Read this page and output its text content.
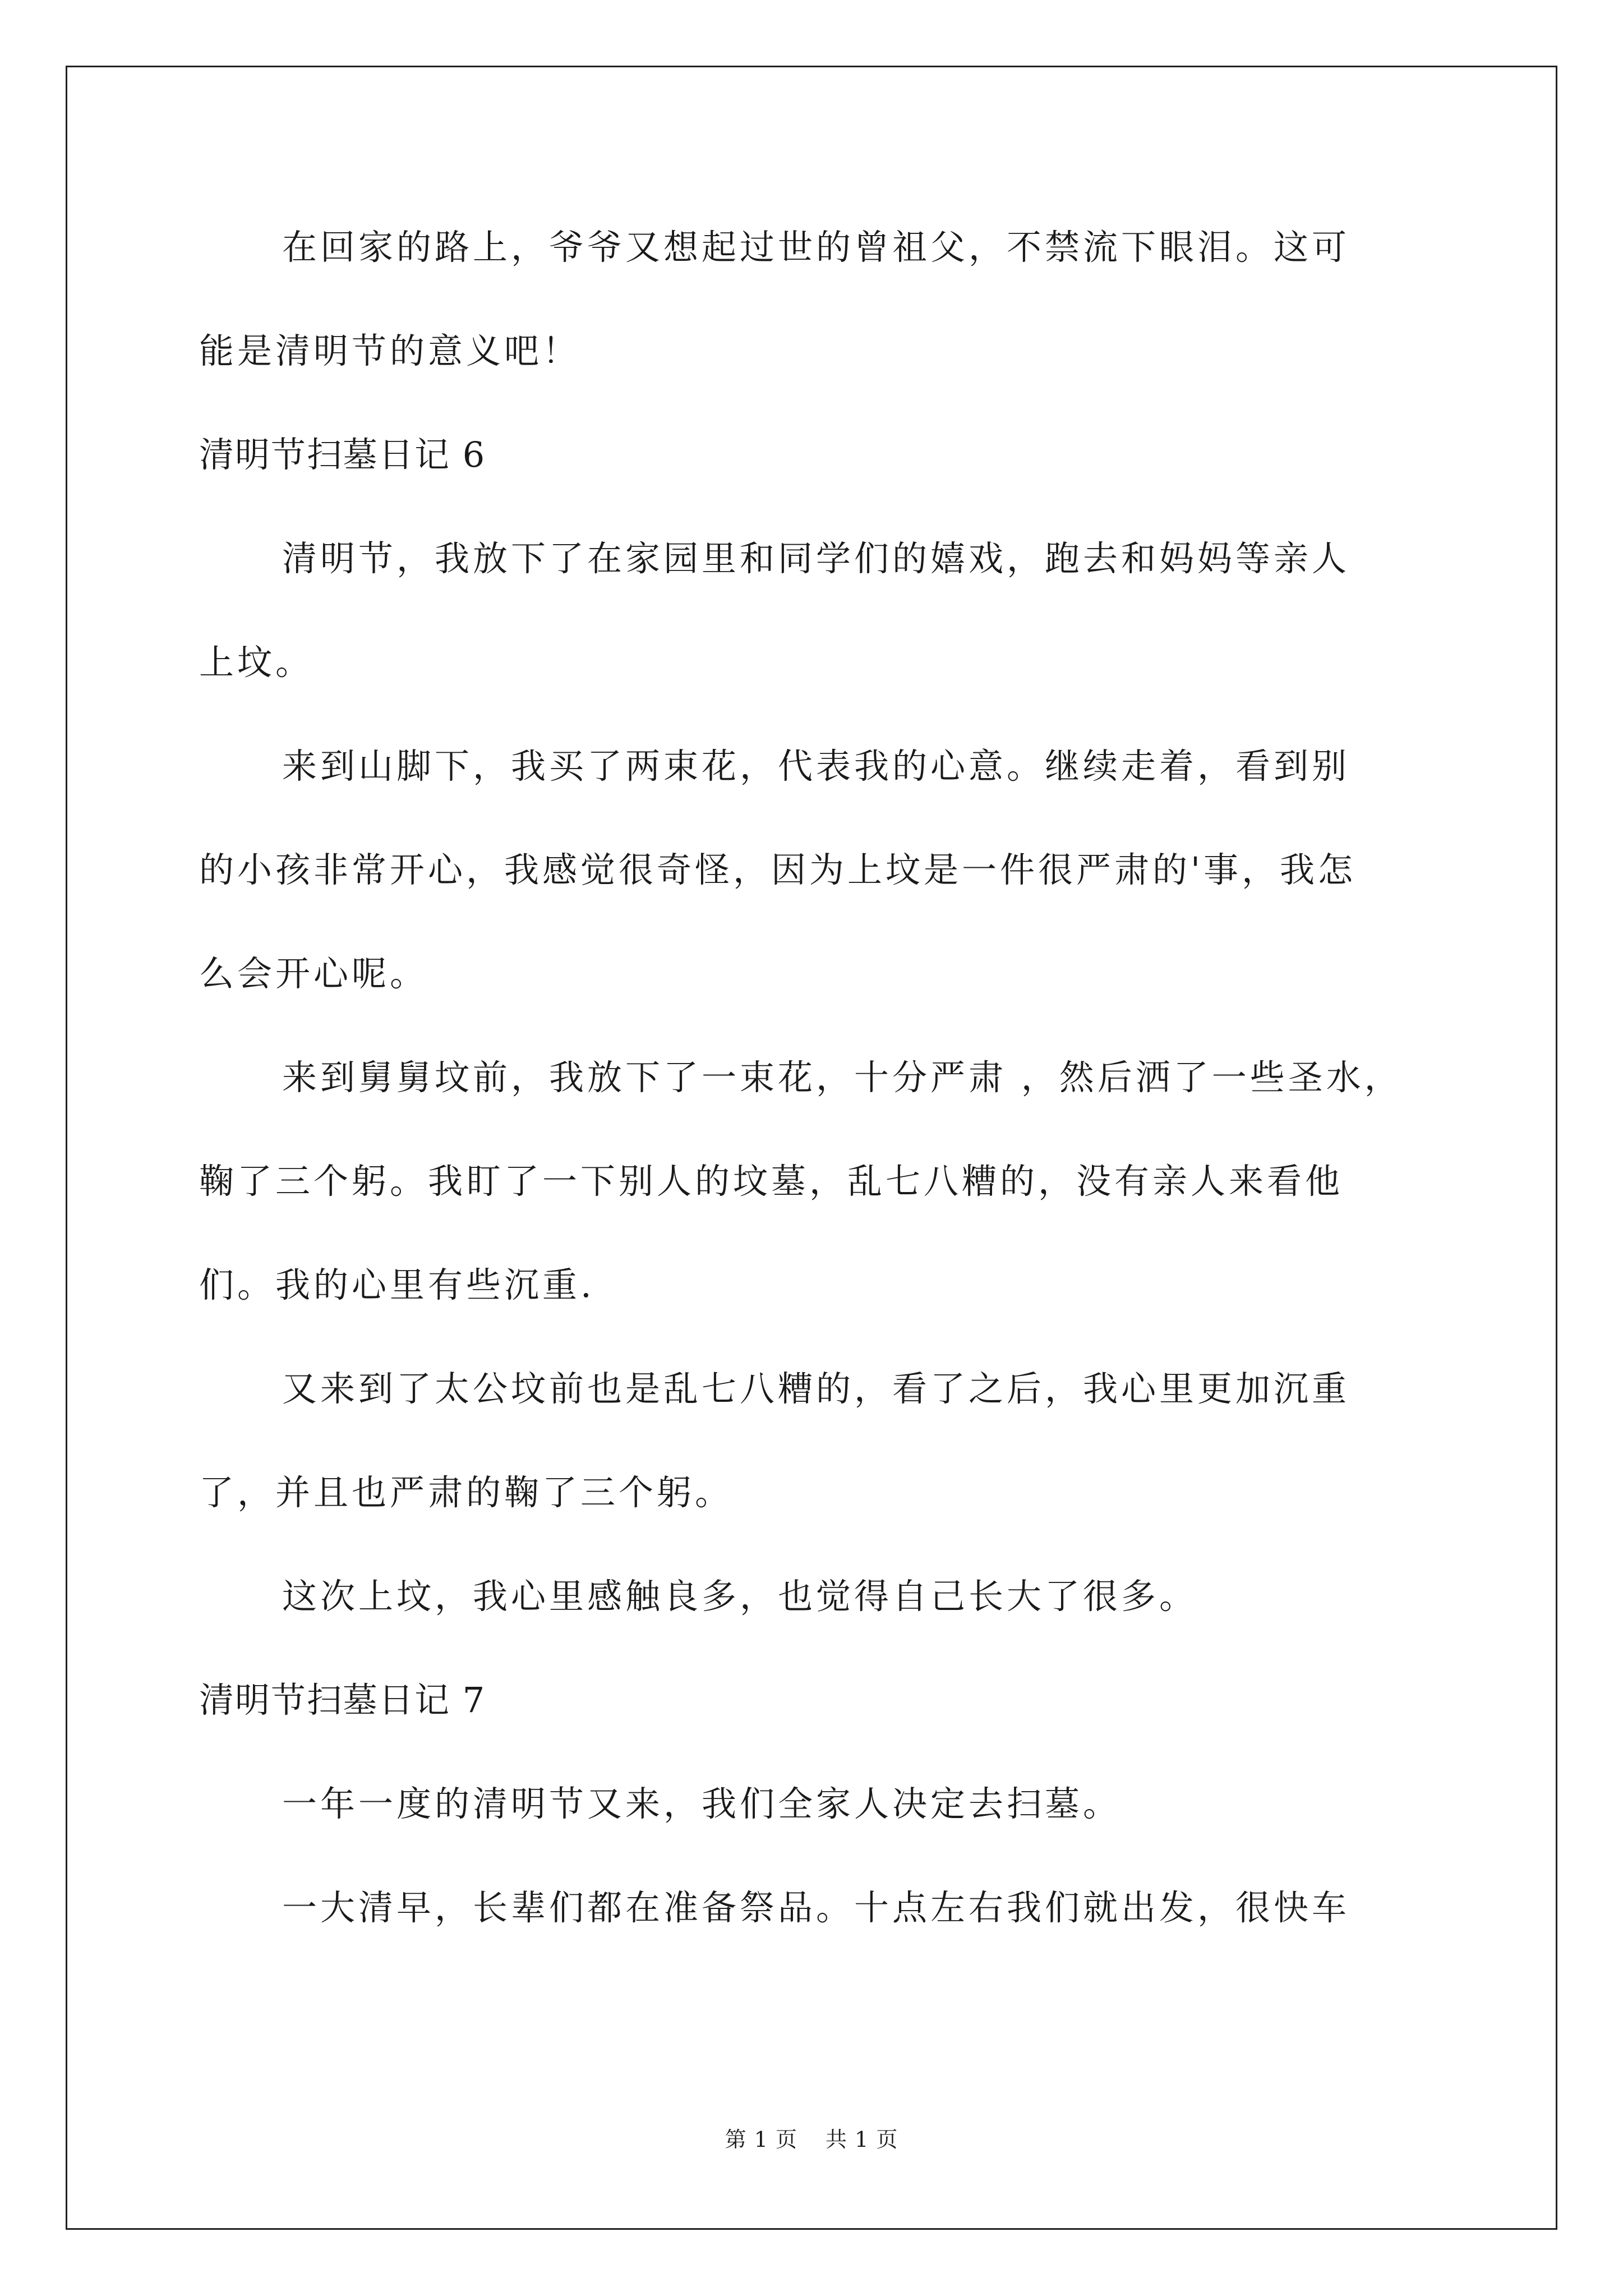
在回家的路上，爷爷又想起过世的曾祖父，不禁流下眼泪。这可
能是清明节的意义吧！
清明节扫墓日记 6
清明节，我放下了在家园里和同学们的嬉戏，跑去和妈妈等亲人
上坟。
来到山脚下，我买了两束花，代表我的心意。继续走着，看到别
的小孩非常开心，我感觉很奇怪，因为上坟是一件很严肃的'事，我怎
么会开心呢。
来到舅舅坟前，我放下了一束花，十分严肃 ，然后洒了一些圣水，
鞠了三个躬。我盯了一下别人的坟墓，乱七八糟的，没有亲人来看他
们。我的心里有些沉重.
又来到了太公坟前也是乱七八糟的，看了之后，我心里更加沉重
了，并且也严肃的鞠了三个躬。
这次上坟，我心里感触良多，也觉得自己长大了很多。
清明节扫墓日记 7
一年一度的清明节又来，我们全家人决定去扫墓。
一大清早，长辈们都在准备祭品。十点左右我们就出发，很快车
第 1 页 共 1 页
